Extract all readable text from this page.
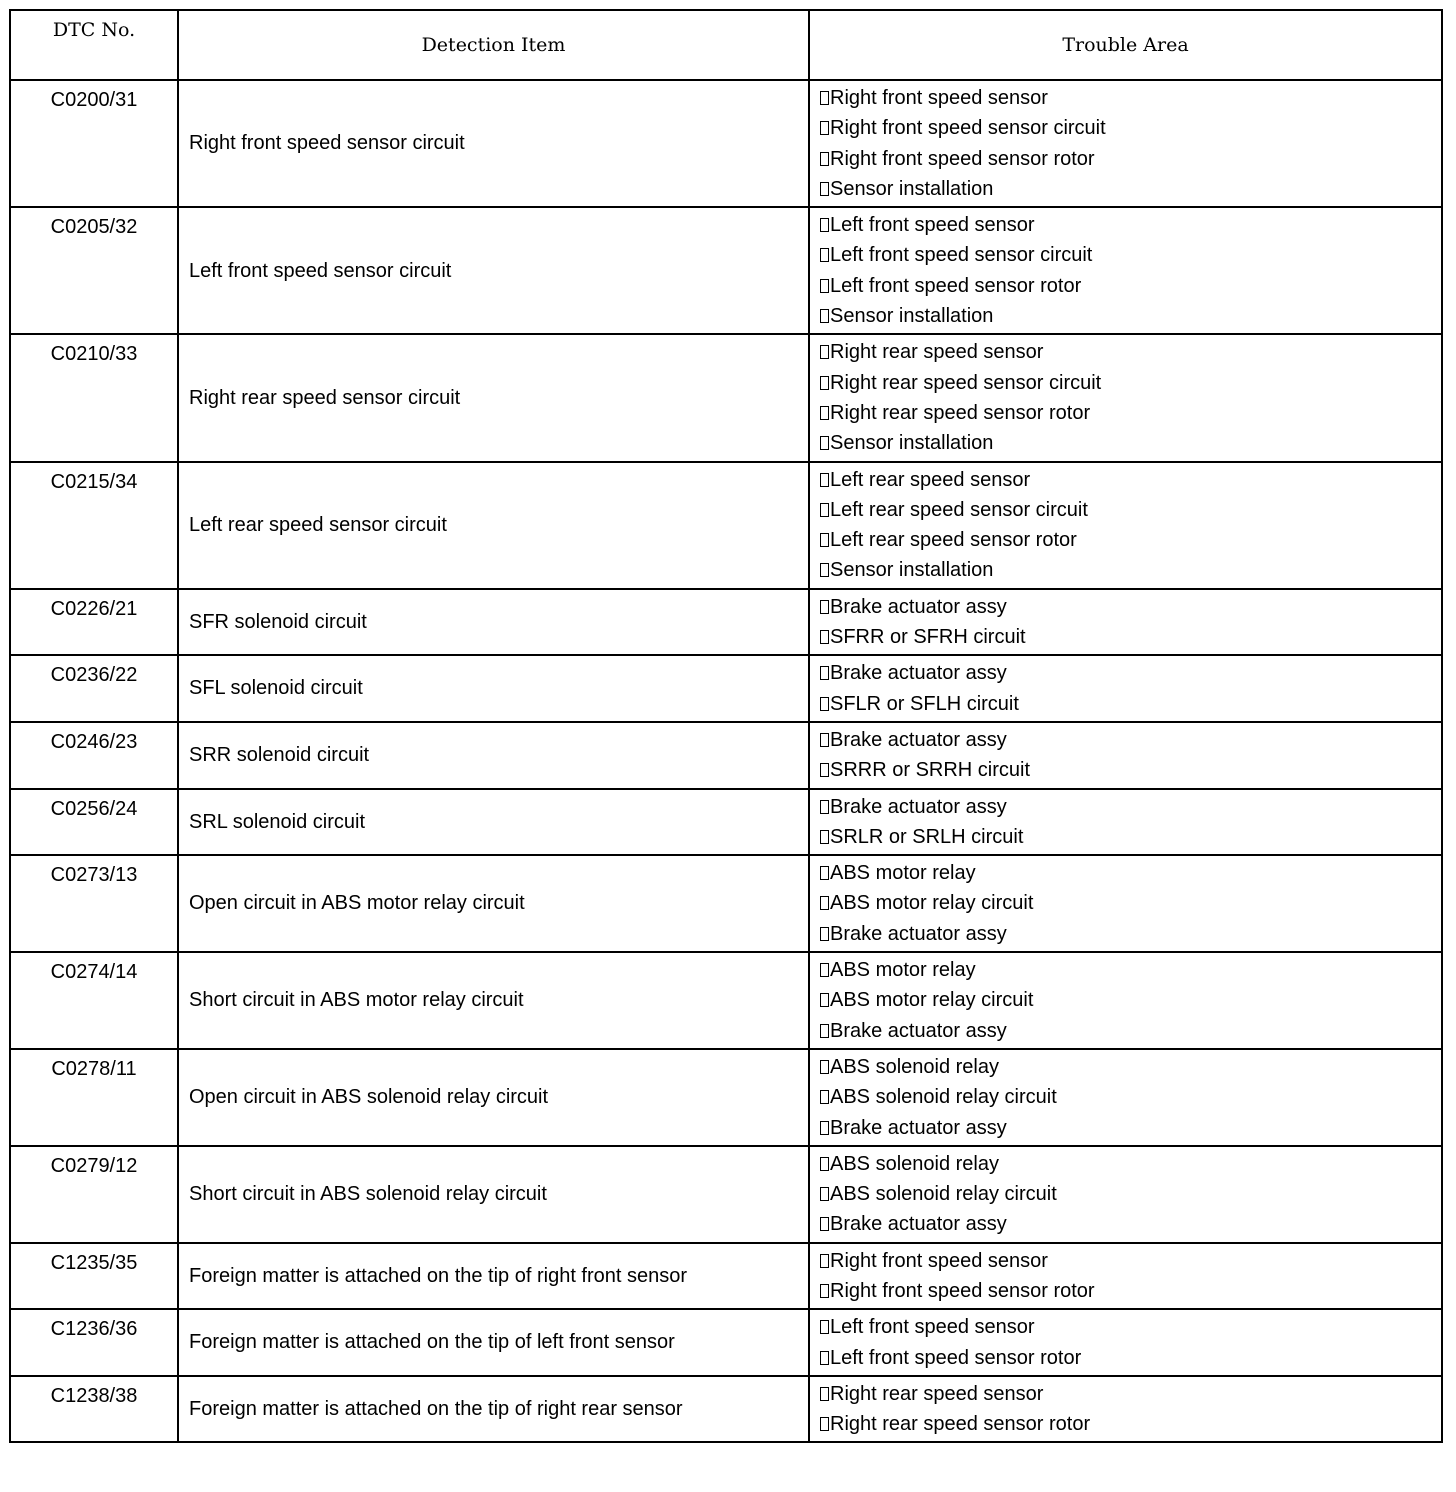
DTC No.	Detection Item	Trouble Area
C0200/31	Right front speed sensor circuit	Right front speed sensor
Right front speed sensor circuit
Right front speed sensor rotor
Sensor installation

C0205/32	Left front speed sensor circuit	Left front speed sensor
Left front speed sensor circuit
Left front speed sensor rotor
Sensor installation

C0210/33	Right rear speed sensor circuit	Right rear speed sensor
Right rear speed sensor circuit
Right rear speed sensor rotor
Sensor installation

C0215/34	Left rear speed sensor circuit	Left rear speed sensor
Left rear speed sensor circuit
Left rear speed sensor rotor
Sensor installation

C0226/21	SFR solenoid circuit	Brake actuator assy
SFRR or SFRH circuit

C0236/22	SFL solenoid circuit	Brake actuator assy
SFLR or SFLH circuit

C0246/23	SRR solenoid circuit	Brake actuator assy
SRRR or SRRH circuit

C0256/24	SRL solenoid circuit	Brake actuator assy
SRLR or SRLH circuit

C0273/13	Open circuit in ABS motor relay circuit	ABS motor relay
ABS motor relay circuit
Brake actuator assy

C0274/14	Short circuit in ABS motor relay circuit	ABS motor relay
ABS motor relay circuit
Brake actuator assy

C0278/11	Open circuit in ABS solenoid relay circuit	ABS solenoid relay
ABS solenoid relay circuit
Brake actuator assy

C0279/12	Short circuit in ABS solenoid relay circuit	ABS solenoid relay
ABS solenoid relay circuit
Brake actuator assy

C1235/35	Foreign matter is attached on the tip of right front sensor	Right front speed sensor
Right front speed sensor rotor

C1236/36	Foreign matter is attached on the tip of left front sensor	Left front speed sensor
Left front speed sensor rotor

C1238/38	Foreign matter is attached on the tip of right rear sensor	Right rear speed sensor
Right rear speed sensor rotor
